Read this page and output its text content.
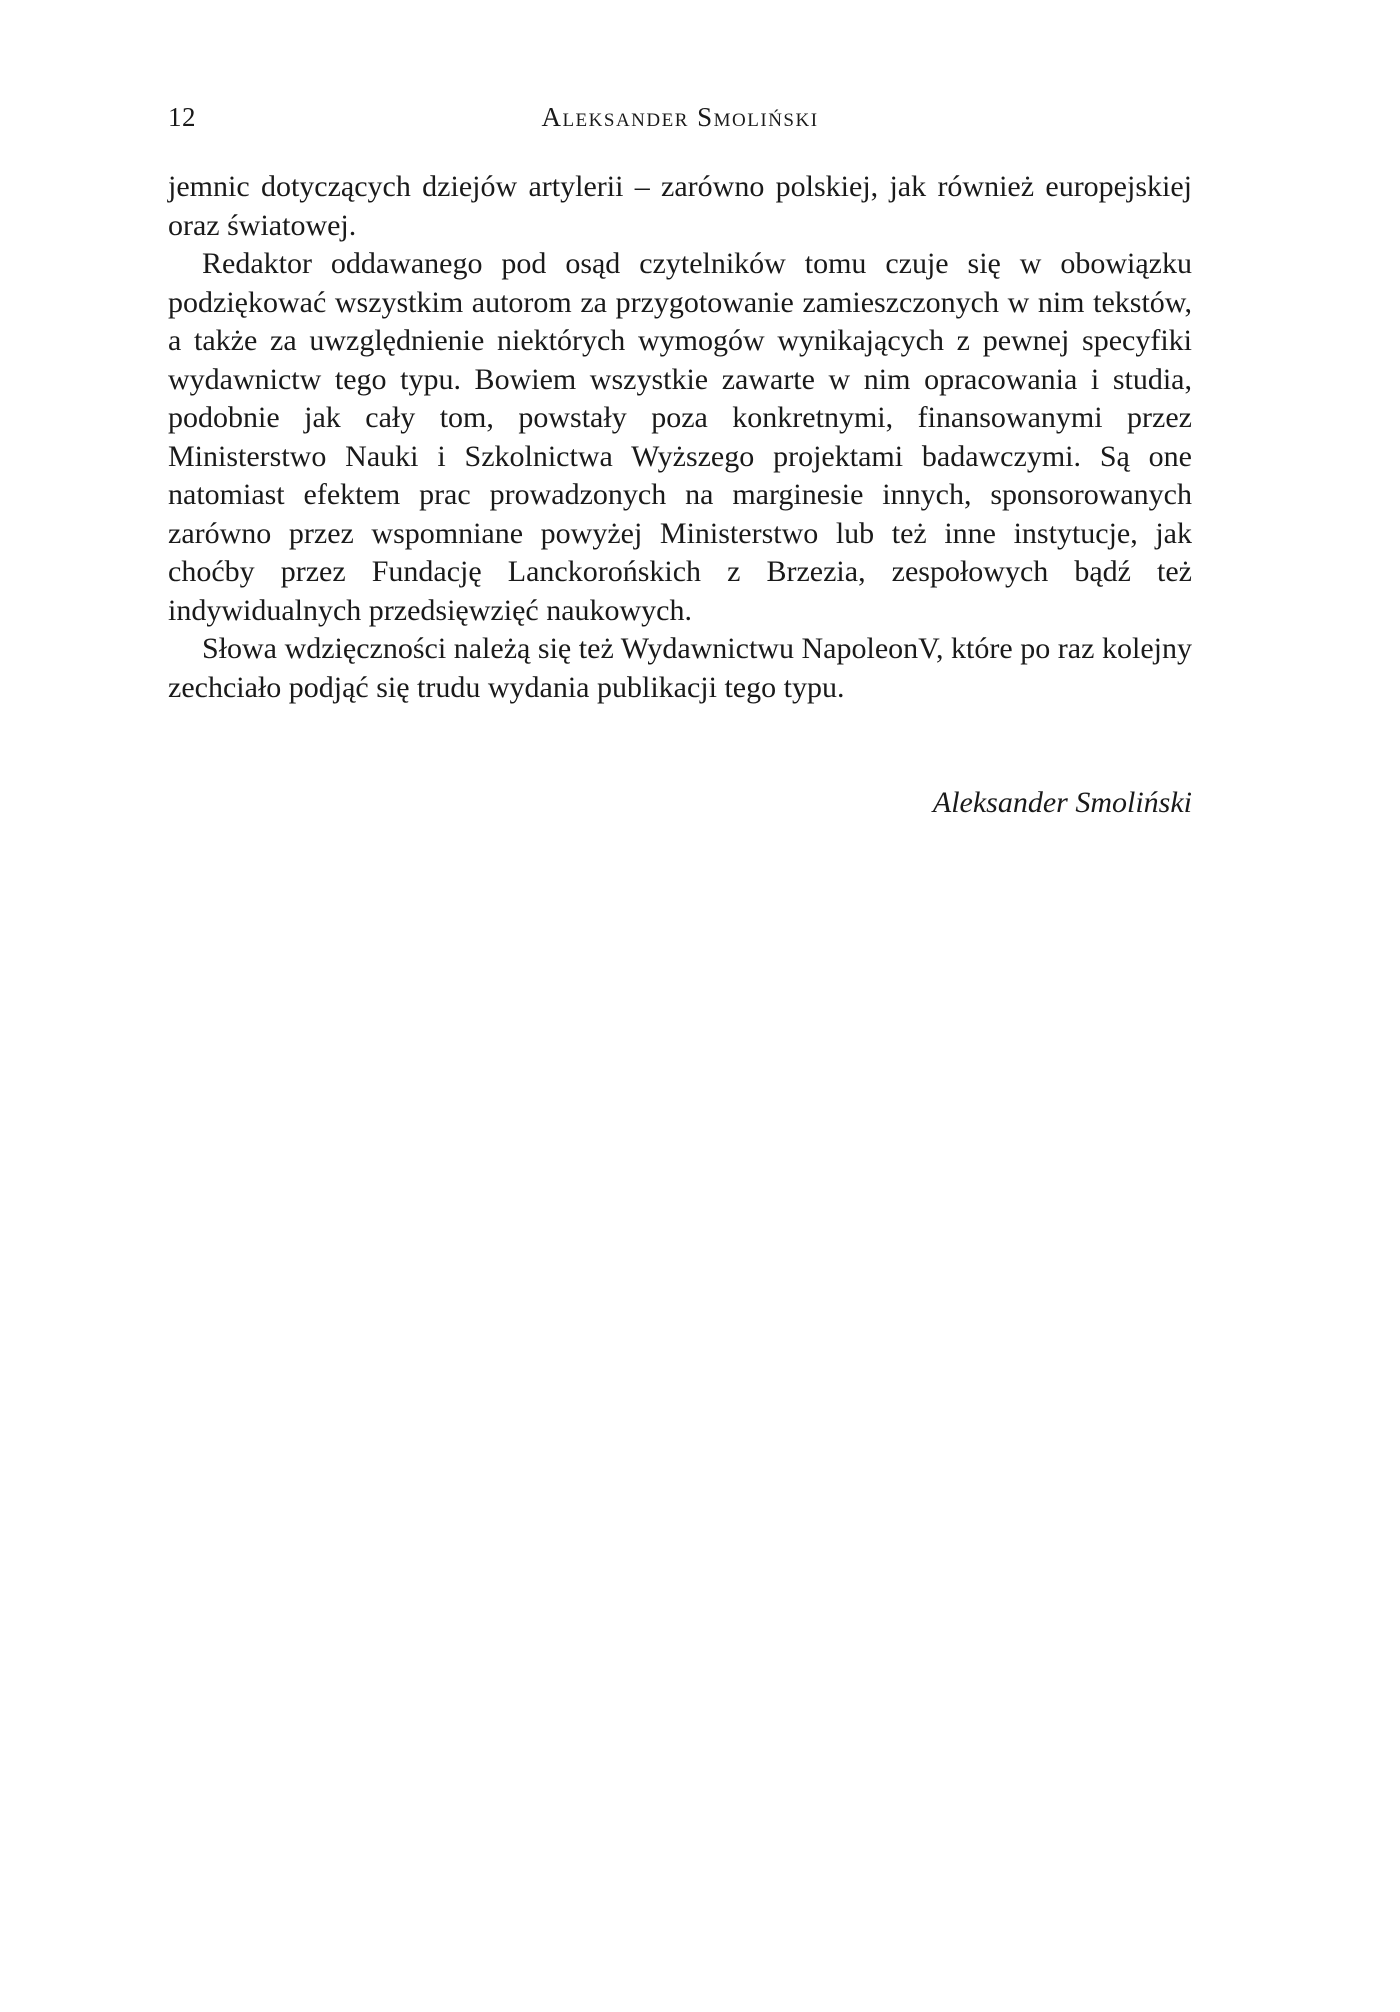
12	Aleksander Smoliński

jemnic dotyczących dziejów artylerii – zarówno polskiej, jak również europejskiej oraz światowej.

Redaktor oddawanego pod osąd czytelników tomu czuje się w obowiązku podziękować wszystkim autorom za przygotowanie zamieszczonych w nim tekstów, a także za uwzględnienie niektórych wymogów wynikających z pewnej specyfiki wydawnictw tego typu. Bowiem wszystkie zawarte w nim opracowania i studia, podobnie jak cały tom, powstały poza konkretnymi, finansowanymi przez Ministerstwo Nauki i Szkolnictwa Wyższego projektami badawczymi. Są one natomiast efektem prac prowadzonych na marginesie innych, sponsorowanych zarówno przez wspomniane powyżej Ministerstwo lub też inne instytucje, jak choćby przez Fundację Lanckorońskich z Brzezia, zespołowych bądź też indywidualnych przedsięwzięć naukowych.

Słowa wdzięczności należą się też Wydawnictwu NapoleonV, które po raz kolejny zechciało podjąć się trudu wydania publikacji tego typu.

Aleksander Smoliński
